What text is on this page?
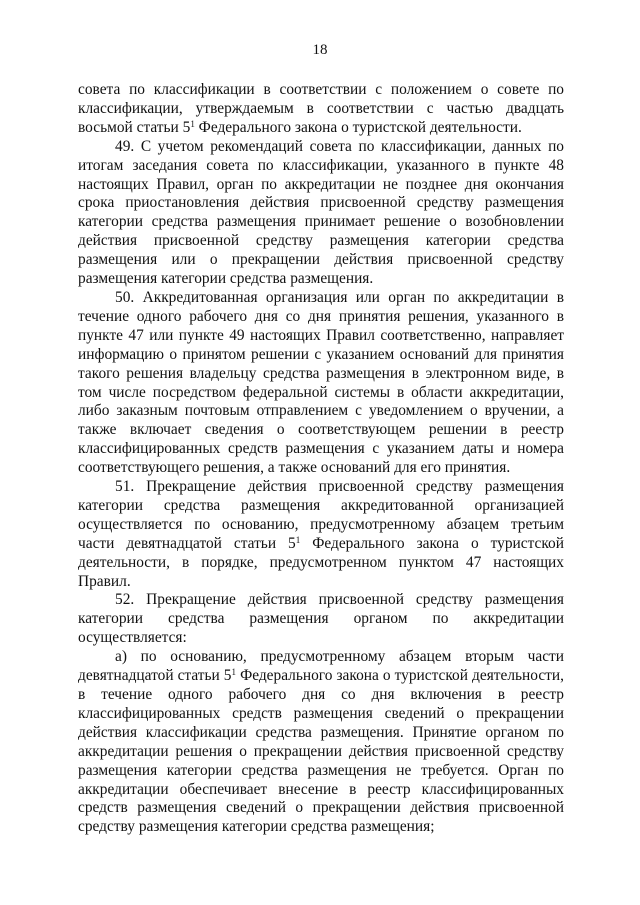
18

совета по классификации в соответствии с положением о совете по классификации, утверждаемым в соответствии с частью двадцать восьмой статьи $5^1$ Федерального закона о туристской деятельности.

49. С учетом рекомендаций совета по классификации, данных по итогам заседания совета по классификации, указанного в пункте 48 настоящих Правил, орган по аккредитации не позднее дня окончания срока приостановления действия присвоенной средству размещения категории средства размещения принимает решение о возобновлении действия присвоенной средству размещения категории средства размещения или о прекращении действия присвоенной средству размещения категории средства размещения.

50. Аккредитованная организация или орган по аккредитации в течение одного рабочего дня со дня принятия решения, указанного в пункте 47 или пункте 49 настоящих Правил соответственно, направляет информацию о принятом решении с указанием оснований для принятия такого решения владельцу средства размещения в электронном виде, в том числе посредством федеральной системы в области аккредитации, либо заказным почтовым отправлением с уведомлением о вручении, а также включает сведения о соответствующем решении в реестр классифицированных средств размещения с указанием даты и номера соответствующего решения, а также оснований для его принятия.

51. Прекращение действия присвоенной средству размещения категории средства размещения аккредитованной организацией осуществляется по основанию, предусмотренному абзацем третьим части девятнадцатой статьи $5^1$ Федерального закона о туристской деятельности, в порядке, предусмотренном пунктом 47 настоящих Правил.

52. Прекращение действия присвоенной средству размещения категории средства размещения органом по аккредитации осуществляется:

а) по основанию, предусмотренному абзацем вторым части девятнадцатой статьи $5^1$ Федерального закона о туристской деятельности, в течение одного рабочего дня со дня включения в реестр классифицированных средств размещения сведений о прекращении действия классификации средства размещения. Принятие органом по аккредитации решения о прекращении действия присвоенной средству размещения категории средства размещения не требуется. Орган по аккредитации обеспечивает внесение в реестр классифицированных средств размещения сведений о прекращении действия присвоенной средству размещения категории средства размещения;
